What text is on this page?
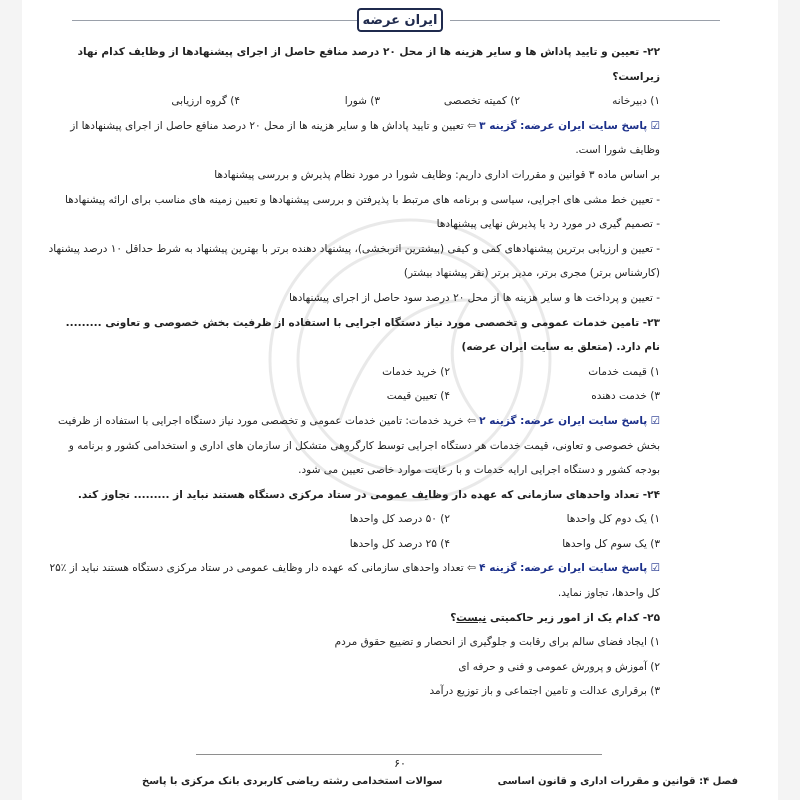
ایران عرضه
۲۲- تعیین و تایید پاداش ها و سایر هزینه ها از محل ۲۰ درصد منافع حاصل از اجرای پیشنهادها از وظایف کدام نهاد زیراست؟
۱) دبیرخانه
۲) کمیته تخصصی
۳) شورا
۴) گروه ارزیابی
☑ پاسخ سایت ایران عرضه: گزینه ۳ ⇦ تعیین و تایید پاداش ها و سایر هزینه ها از محل ۲۰ درصد منافع حاصل از اجرای پیشنهادها از وظایف شورا است.
بر اساس ماده ۳ قوانین و مقررات اداری داریم: وظایف شورا در مورد نظام پذیرش و بررسی پیشنهادها
- تعیین خط مشی های اجرایی، سیاسی و برنامه های مرتبط با پذیرفتن و بررسی پیشنهادها و تعیین زمینه های مناسب برای ارائه پیشنهادها
- تصمیم گیری در مورد رد یا پذیرش نهایی پیشنهادها
- تعیین و ارزیابی برترین پیشنهادهای کمی و کیفی (بیشترین اثربخشی)، پیشنهاد دهنده برتر با بهترین پیشنهاد به شرط حداقل ۱۰ درصد پیشنهاد (کارشناس برتر) مجری برتر، مدیر برتر (نفر پیشنهاد بیشتر)
- تعیین و پرداخت ها و سایر هزینه ها از محل ۲۰ درصد سود حاصل از اجرای پیشنهادها
۲۳- تامین خدمات عمومی و تخصصی مورد نیاز دستگاه اجرایی با استفاده از ظرفیت بخش خصوصی و تعاونی ......... نام دارد. (متعلق به سایت ایران عرضه)
۱) قیمت خدمات
۲) خرید خدمات
۳) خدمت دهنده
۴) تعیین قیمت
☑ پاسخ سایت ایران عرضه: گزینه ۲ ⇦ خرید خدمات: تامین خدمات عمومی و تخصصی مورد نیاز دستگاه اجرایی با استفاده از ظرفیت بخش خصوصی و تعاونی، قیمت خدمات هر دستگاه اجرایی توسط کارگروهی متشکل از سازمان های اداری و استخدامی کشور و برنامه و بودجه کشور و دستگاه اجرایی ارایه خدمات و با رعایت موارد خاصی تعیین می شود.
۲۴- تعداد واحدهای سازمانی که عهده دار وظایف عمومی در ستاد مرکزی دستگاه هستند نباید از ......... تجاوز کند.
۱) یک دوم کل واحدها
۲) ۵۰ درصد کل واحدها
۳) یک سوم کل واحدها
۴) ۲۵ درصد کل واحدها
☑ پاسخ سایت ایران عرضه: گزینه ۴ ⇦ تعداد واحدهای سازمانی که عهده دار وظایف عمومی در ستاد مرکزی دستگاه هستند نباید از ٪۲۵ کل واحدها، تجاوز نماید.
۲۵- کدام یک از امور زیر حاکمیتی نیست؟
۱) ایجاد فضای سالم برای رقابت و جلوگیری از انحصار و تضییع حقوق مردم
۲) آموزش و پرورش عمومی و فنی و حرفه ای
۳) برقراری عدالت و تامین اجتماعی و باز توزیع درآمد
۶۰
فصل ۴: قوانین و مقررات اداری و قانون اساسی
سوالات استخدامی رشته ریاضی کاربردی بانک مرکزی با پاسخ
